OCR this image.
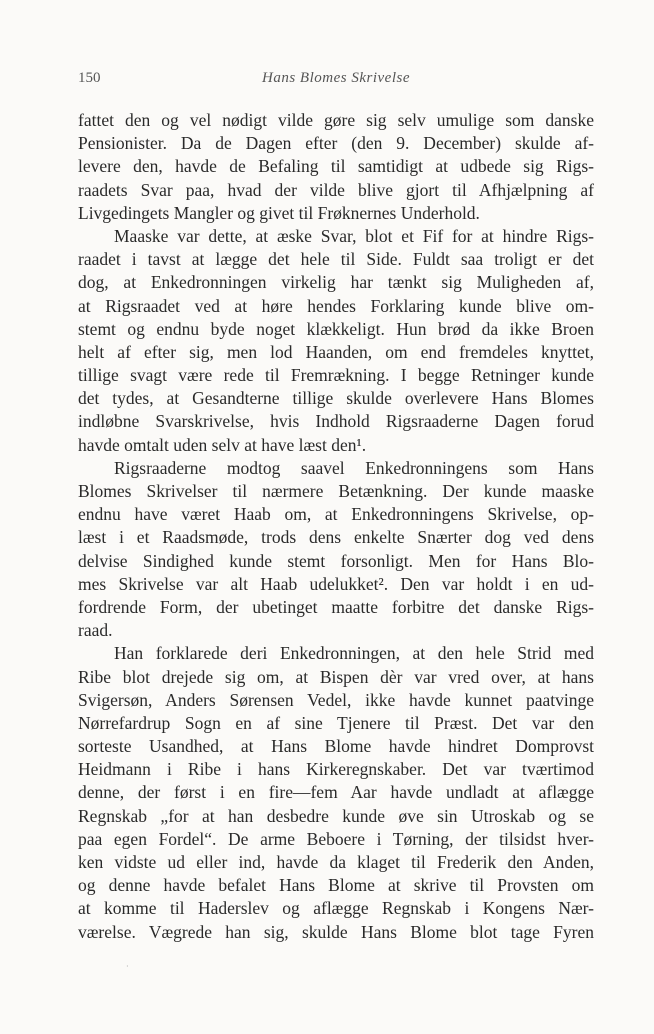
150	Hans Blomes Skrivelse
fattet den og vel nødigt vilde gøre sig selv umulige som danske
Pensionister. Da de Dagen efter (den 9. December) skulde af-
levere den, havde de Befaling til samtidigt at udbede sig Rigs-
raadets Svar paa, hvad der vilde blive gjort til Afhjælpning af
Livgedingets Mangler og givet til Frøknernes Underhold.
Maaske var dette, at æske Svar, blot et Fif for at hindre Rigs-
raadet i tavst at lægge det hele til Side. Fuldt saa troligt er det
dog, at Enkedronningen virkelig har tænkt sig Muligheden af,
at Rigsraadet ved at høre hendes Forklaring kunde blive om-
stemt og endnu byde noget klækkeligt. Hun brød da ikke Broen
helt af efter sig, men lod Haanden, om end fremdeles knyttet,
tillige svagt være rede til Fremrækning. I begge Retninger kunde
det tydes, at Gesandterne tillige skulde overlevere Hans Blomes
indløbne Svarskrivelse, hvis Indhold Rigsraaderne Dagen forud
havde omtalt uden selv at have læst den¹.
Rigsraaderne modtog saavel Enkedronningens som Hans
Blomes Skrivelser til nærmere Betænkning. Der kunde maaske
endnu have været Haab om, at Enkedronningens Skrivelse, op-
læst i et Raadsmøde, trods dens enkelte Snærter dog ved dens
delvise Sindighed kunde stemt forsonligt. Men for Hans Blo-
mes Skrivelse var alt Haab udelukket². Den var holdt i en ud-
fordrende Form, der ubetinget maatte forbitre det danske Rigs-
raad.
Han forklarede deri Enkedronningen, at den hele Strid med
Ribe blot drejede sig om, at Bispen dèr var vred over, at hans
Svigersøn, Anders Sørensen Vedel, ikke havde kunnet paatvinge
Nørrefardrup Sogn en af sine Tjenere til Præst. Det var den
sorteste Usandhed, at Hans Blome havde hindret Domprovst
Heidmann i Ribe i hans Kirkeregnskaber. Det var tværtimod
denne, der først i en fire—fem Aar havde undladt at aflægge
Regnskab „for at han desbedre kunde øve sin Utroskab og se
paa egen Fordel“. De arme Beboere i Tørning, der tilsidst hver-
ken vidste ud eller ind, havde da klaget til Frederik den Anden,
og denne havde befalet Hans Blome at skrive til Provsten om
at komme til Haderslev og aflægge Regnskab i Kongens Nær-
værelse. Vægrede han sig, skulde Hans Blome blot tage Fyren
·
